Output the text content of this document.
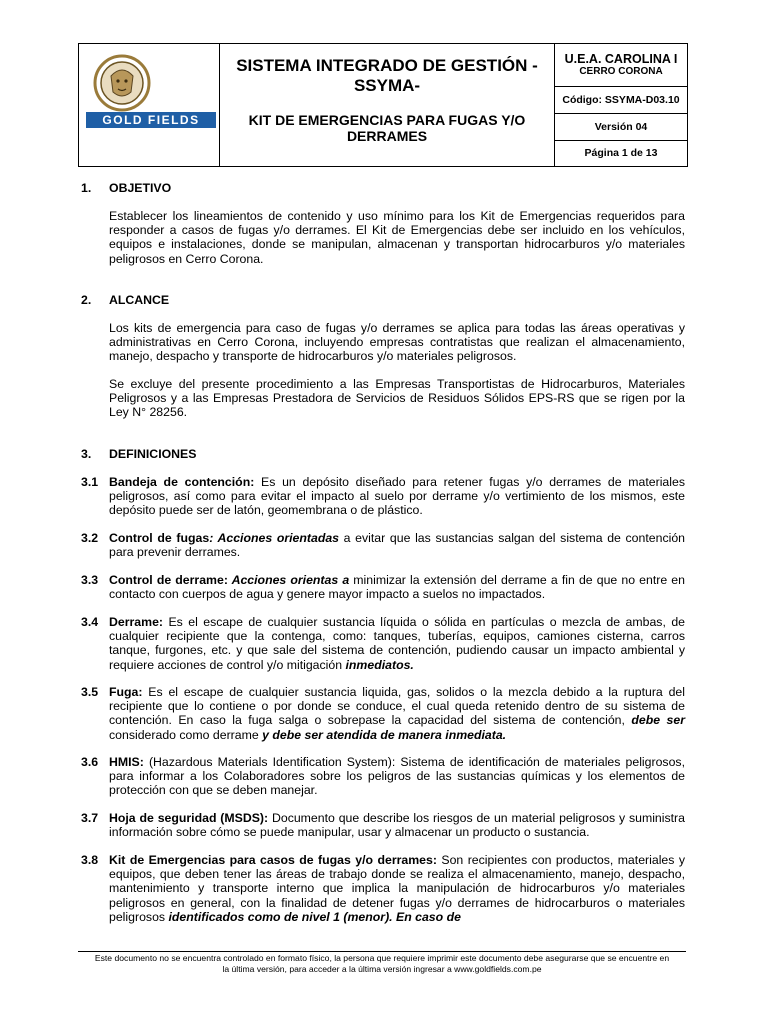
GOLD FIELDS
SISTEMA INTEGRADO DE GESTIÓN -SSYMA-
KIT DE EMERGENCIAS PARA FUGAS Y/O DERRAMES
U.E.A. CAROLINA I
CERRO CORONA
Código: SSYMA-D03.10
Versión 04
Página 1 de 13
1. OBJETIVO
Establecer los lineamientos de contenido y uso mínimo para los Kit de Emergencias requeridos para responder a casos de fugas y/o derrames. El Kit de Emergencias debe ser incluido en los vehículos, equipos e instalaciones, donde se manipulan, almacenan y transportan hidrocarburos y/o materiales peligrosos en Cerro Corona.
2. ALCANCE
Los kits de emergencia para caso de fugas y/o derrames se aplica para todas las áreas operativas y administrativas en Cerro Corona, incluyendo empresas contratistas que realizan el almacenamiento, manejo, despacho y transporte de hidrocarburos y/o materiales peligrosos.
Se excluye del presente procedimiento a las Empresas Transportistas de Hidrocarburos, Materiales Peligrosos y a las Empresas Prestadora de Servicios de Residuos Sólidos EPS-RS que se rigen por la Ley N° 28256.
3. DEFINICIONES
3.1 Bandeja de contención: Es un depósito diseñado para retener fugas y/o derrames de materiales peligrosos, así como para evitar el impacto al suelo por derrame y/o vertimiento de los mismos, este depósito puede ser de latón, geomembrana o de plástico.
3.2 Control de fugas: Acciones orientadas a evitar que las sustancias salgan del sistema de contención para prevenir derrames.
3.3 Control de derrame: Acciones orientas a minimizar la extensión del derrame a fin de que no entre en contacto con cuerpos de agua y genere mayor impacto a suelos no impactados.
3.4 Derrame: Es el escape de cualquier sustancia líquida o sólida en partículas o mezcla de ambas, de cualquier recipiente que la contenga, como: tanques, tuberías, equipos, camiones cisterna, carros tanque, furgones, etc. y que sale del sistema de contención, pudiendo causar un impacto ambiental y requiere acciones de control y/o mitigación inmediatos.
3.5 Fuga: Es el escape de cualquier sustancia liquida, gas, solidos o la mezcla debido a la ruptura del recipiente que lo contiene o por donde se conduce, el cual queda retenido dentro de su sistema de contención. En caso la fuga salga o sobrepase la capacidad del sistema de contención, debe ser considerado como derrame y debe ser atendida de manera inmediata.
3.6 HMIS: (Hazardous Materials Identification System): Sistema de identificación de materiales peligrosos, para informar a los Colaboradores sobre los peligros de las sustancias químicas y los elementos de protección con que se deben manejar.
3.7 Hoja de seguridad (MSDS): Documento que describe los riesgos de un material peligrosos y suministra información sobre cómo se puede manipular, usar y almacenar un producto o sustancia.
3.8 Kit de Emergencias para casos de fugas y/o derrames: Son recipientes con productos, materiales y equipos, que deben tener las áreas de trabajo donde se realiza el almacenamiento, manejo, despacho, mantenimiento y transporte interno que implica la manipulación de hidrocarburos y/o materiales peligrosos en general, con la finalidad de detener fugas y/o derrames de hidrocarburos o materiales peligrosos identificados como de nivel 1 (menor). En caso de
Este documento no se encuentra controlado en formato físico, la persona que requiere imprimir este documento debe asegurarse que se encuentre en
la última versión, para acceder a la última versión ingresar a www.goldfields.com.pe
